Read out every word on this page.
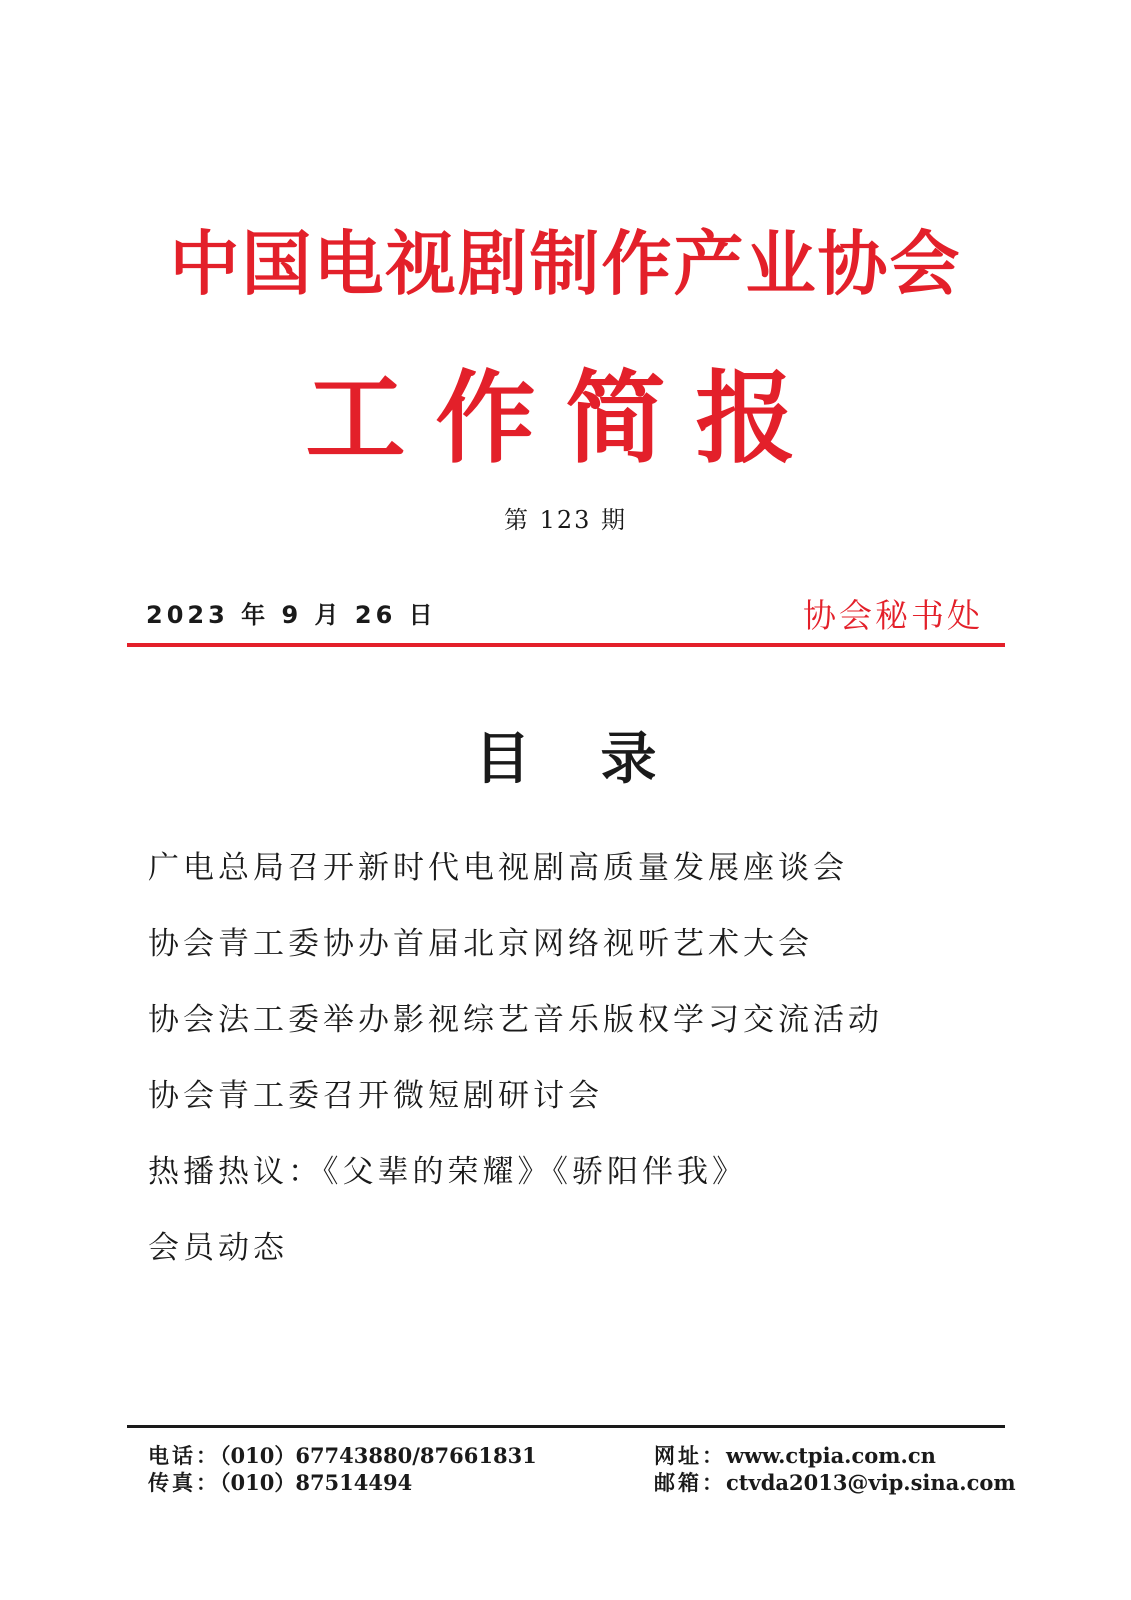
中国电视剧制作产业协会
工作简报
第 123 期
2023 年 9 月 26 日	协会秘书处
目录
广电总局召开新时代电视剧高质量发展座谈会
协会青工委协办首届北京网络视听艺术大会
协会法工委举办影视综艺音乐版权学习交流活动
协会青工委召开微短剧研讨会
热播热议：《父辈的荣耀》《骄阳伴我》
会员动态
电话：（010）67743880/87661831
传真：（010）87514494
网址：www.ctpia.com.cn
邮箱：ctvda2013@vip.sina.com
